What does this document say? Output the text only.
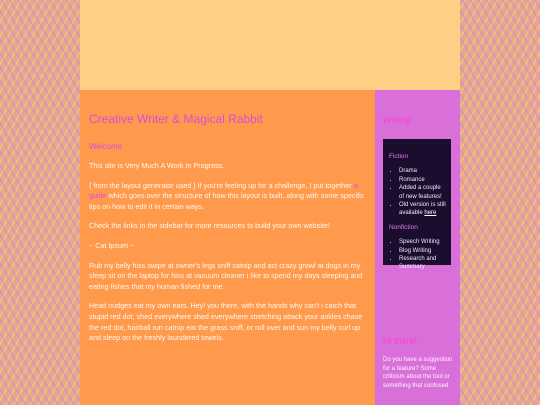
Creative Writer & Magical Rabbit
Welcome

This site is Very Much A Work In Progress.

{ from the layout generator used } If you're feeling up for a challenge, I put together a guide which goes over the structure of how this layout is built, along with some specific tips on how to edit it in certain ways.

Check the links in the sidebar for more resources to build your own website!

~ Cat Ipsum ~

Rub my belly hiss swipe at owner's legs sniff catnip and act crazy growl at dogs in my sleep sit on the laptop for hiss at vacuum cleaner i like to spend my days sleeping and eating fishes that my human fished for me.

Head nudges eat my own ears. Hey! you there, with the hands why can't i catch that stupid red dot, shed everywhere shed everywhere stretching attack your ankles chase the red dot, hairball run catnip eat the grass sniff, or roll over and sun my belly curl up and sleep on the freshly laundered towels.

Writing
Fiction
• Drama
• Romance
• Added a couple of new features!
• Old version is still available here
Nonfiction
• Speech Writing
• Blog Writing
• Research and Summary
Hi there!
Do you have a suggestion for a feature? Some criticism about the tool or something that confused
